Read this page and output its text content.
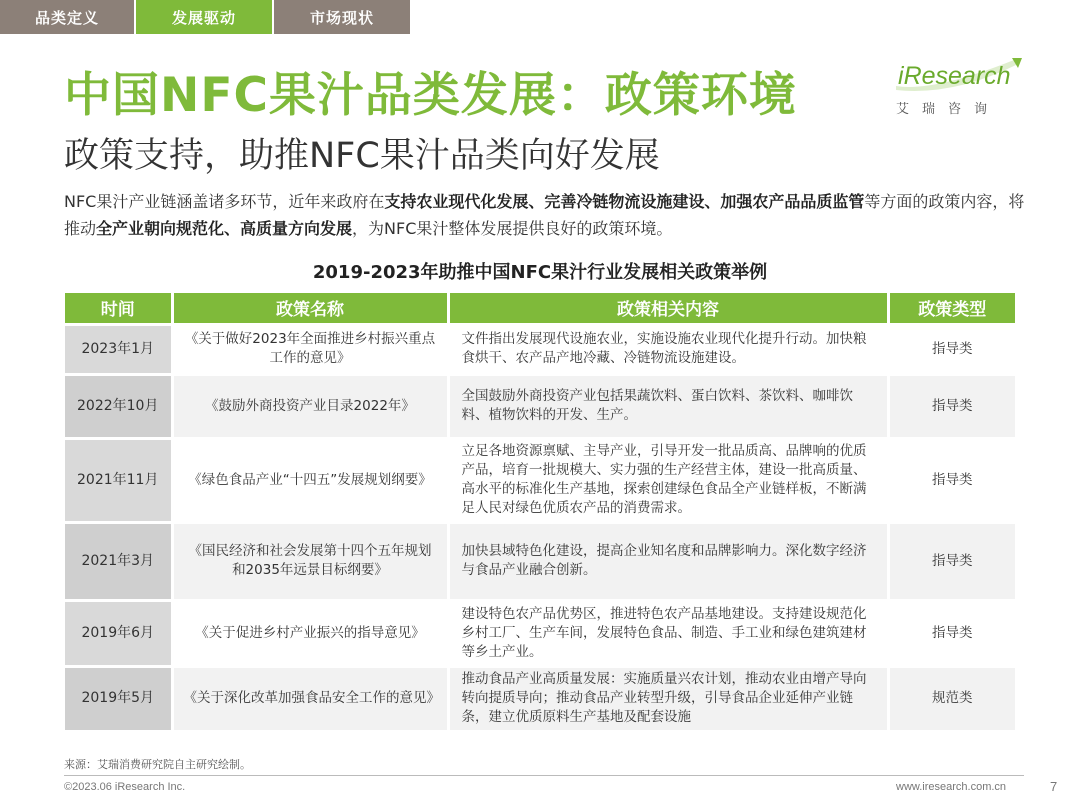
品类定义	发展驱动	市场现状
中国NFC果汁品类发展：政策环境
政策支持，助推NFC果汁品类向好发展
iResearch
艾瑞咨询
NFC果汁产业链涵盖诸多环节，近年来政府在支持农业现代化发展、完善冷链物流设施建设、加强农产品品质监管等方面的政策内容，将推动全产业朝向规范化、高质量方向发展，为NFC果汁整体发展提供良好的政策环境。
2019-2023年助推中国NFC果汁行业发展相关政策举例
时间	政策名称	政策相关内容	政策类型
2023年1月	《关于做好2023年全面推进乡村振兴重点工作的意见》	文件指出发展现代设施农业，实施设施农业现代化提升行动。加快粮食烘干、农产品产地冷藏、冷链物流设施建设。	指导类
2022年10月	《鼓励外商投资产业目录2022年》	全国鼓励外商投资产业包括果蔬饮料、蛋白饮料、茶饮料、咖啡饮料、植物饮料的开发、生产。	指导类
2021年11月	《绿色食品产业“十四五”发展规划纲要》	立足各地资源禀赋、主导产业，引导开发一批品质高、品牌响的优质产品，培育一批规模大、实力强的生产经营主体，建设一批高质量、高水平的标准化生产基地，探索创建绿色食品全产业链样板，不断满足人民对绿色优质农产品的消费需求。	指导类
2021年3月	《国民经济和社会发展第十四个五年规划和2035年远景目标纲要》	加快县域特色化建设，提高企业知名度和品牌影响力。深化数字经济与食品产业融合创新。	指导类
2019年6月	《关于促进乡村产业振兴的指导意见》	建设特色农产品优势区，推进特色农产品基地建设。支持建设规范化乡村工厂、生产车间，发展特色食品、制造、手工业和绿色建筑建材等乡土产业。	指导类
2019年5月	《关于深化改革加强食品安全工作的意见》	推动食品产业高质量发展：实施质量兴农计划，推动农业由增产导向转向提质导向；推动食品产业转型升级，引导食品企业延伸产业链条，建立优质原料生产基地及配套设施	规范类
来源：艾瑞消费研究院自主研究绘制。
©2023.06 iResearch Inc.	www.iresearch.com.cn	7
